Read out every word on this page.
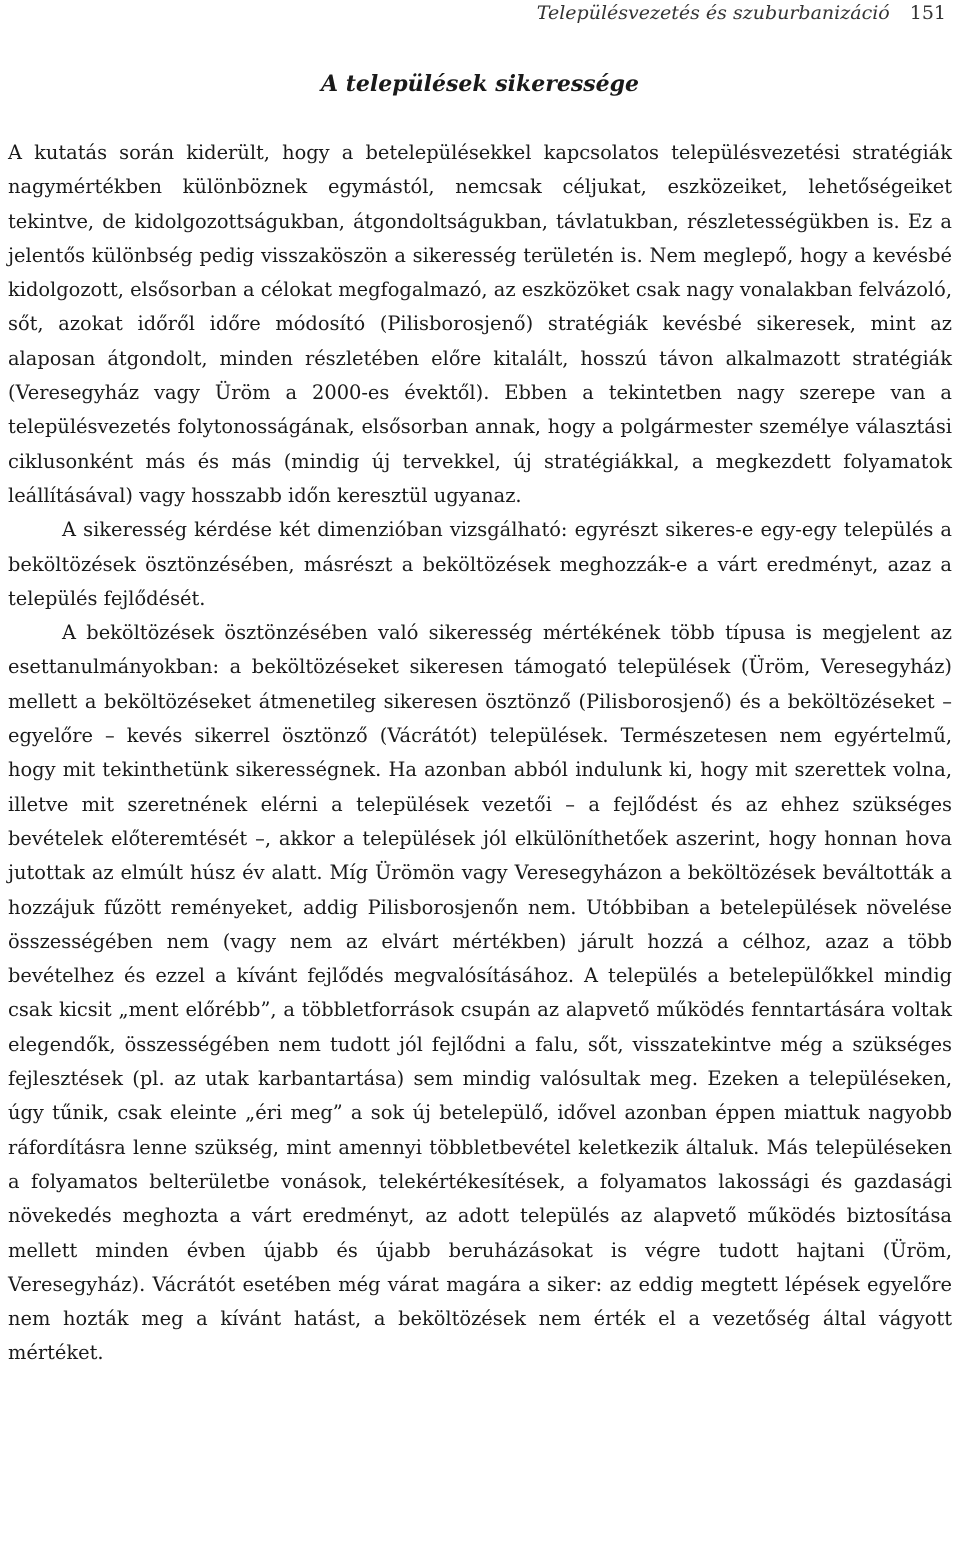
Településvezetés és szuburbanizáció 151
A települések sikeressége

A kutatás során kiderült, hogy a betelepülésekkel kapcsolatos településvezetési stratégiák nagymértékben különböznek egymástól, nemcsak céljukat, eszközeiket, lehetőségeiket tekintve, de kidolgozottságukban, átgondoltságukban, távlatukban, részletességükben is. Ez a jelentős különbség pedig visszaköszön a sikeresség területén is. Nem meglepő, hogy a kevésbé kidolgozott, elsősorban a célokat megfogalmazó, az eszközöket csak nagy vonalakban felvázoló, sőt, azokat időről időre módosító (Pilisborosjenő) stratégiák kevésbé sikeresek, mint az alaposan átgondolt, minden részletében előre kitalált, hosszú távon alkalmazott stratégiák (Veresegyház vagy Üröm a 2000-es évektől). Ebben a tekintetben nagy szerepe van a településvezetés folytonosságának, elsősorban annak, hogy a polgármester személye választási ciklusonként más és más (mindig új tervekkel, új stratégiákkal, a megkezdett folyamatok leállításával) vagy hosszabb időn keresztül ugyanaz.

A sikeresség kérdése két dimenzióban vizsgálható: egyrészt sikeres-e egy-egy település a beköltözések ösztönzésében, másrészt a beköltözések meghozzák-e a várt eredményt, azaz a település fejlődését.

A beköltözések ösztönzésében való sikeresség mértékének több típusa is megjelent az esettanulmányokban: a beköltözéseket sikeresen támogató települések (Üröm, Veresegyház) mellett a beköltözéseket átmenetileg sikeresen ösztönző (Pilisborosjenő) és a beköltözéseket – egyelőre – kevés sikerrel ösztönző (Vácrátót) települések. Természetesen nem egyértelmű, hogy mit tekinthetünk sikerességnek. Ha azonban abból indulunk ki, hogy mit szerettek volna, illetve mit szeretnének elérni a települések vezetői – a fejlődést és az ehhez szükséges bevételek előteremtését –, akkor a települések jól elkülöníthetőek aszerint, hogy honnan hova jutottak az elmúlt húsz év alatt. Míg Ürömön vagy Veresegyházon a beköltözések beváltották a hozzájuk fűzött reményeket, addig Pilisborosjenőn nem. Utóbbiban a betelepülések növelése összességében nem (vagy nem az elvárt mértékben) járult hozzá a célhoz, azaz a több bevételhez és ezzel a kívánt fejlődés megvalósításához. A település a betelepülőkkel mindig csak kicsit „ment előrébb”, a többletforrások csupán az alapvető működés fenntartására voltak elegendők, összességében nem tudott jól fejlődni a falu, sőt, visszatekintve még a szükséges fejlesztések (pl. az utak karbantartása) sem mindig valósultak meg. Ezeken a településeken, úgy tűnik, csak eleinte „éri meg” a sok új betelepülő, idővel azonban éppen miattuk nagyobb ráfordításra lenne szükség, mint amennyi többletbevétel keletkezik általuk. Más településeken a folyamatos belterületbe vonások, telekértékesítések, a folyamatos lakossági és gazdasági növekedés meghozta a várt eredményt, az adott település az alapvető működés biztosítása mellett minden évben újabb és újabb beruházásokat is végre tudott hajtani (Üröm, Veresegyház). Vácrátót esetében még várat magára a siker: az eddig megtett lépések egyelőre nem hozták meg a kívánt hatást, a beköltözések nem érték el a vezetőség által vágyott mértéket.
